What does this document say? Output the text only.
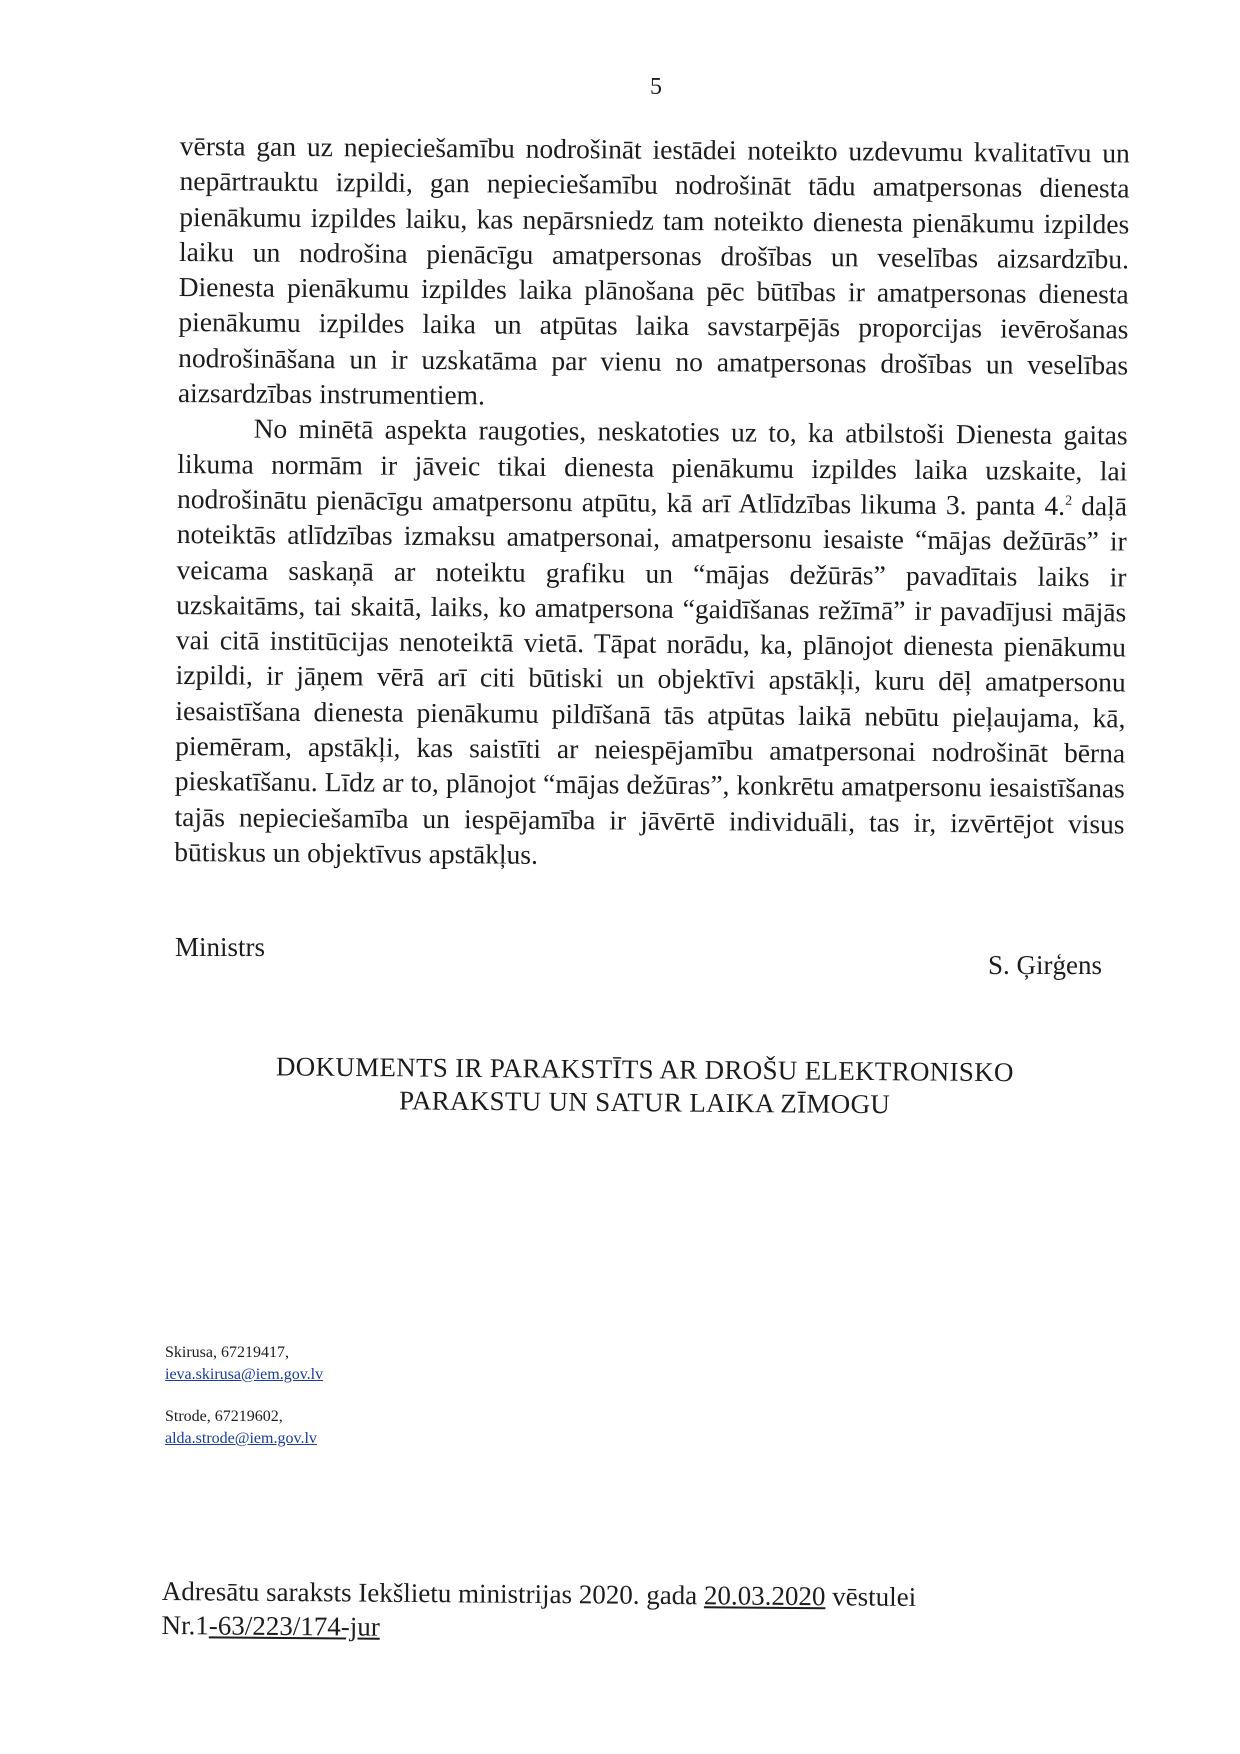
5

vērsta gan uz nepieciešamību nodrošināt iestādei noteikto uzdevumu kvalitatīvu un nepārtrauktu izpildi, gan nepieciešamību nodrošināt tādu amatpersonas dienesta pienākumu izpildes laiku, kas nepārsniedz tam noteikto dienesta pienākumu izpildes laiku un nodrošina pienācīgu amatpersonas drošības un veselības aizsardzību. Dienesta pienākumu izpildes laika plānošana pēc būtības ir amatpersonas dienesta pienākumu izpildes laika un atpūtas laika savstarpējās proporcijas ievērošanas nodrošināšana un ir uzskatāma par vienu no amatpersonas drošības un veselības aizsardzības instrumentiem.

No minētā aspekta raugoties, neskatoties uz to, ka atbilstoši Dienesta gaitas likuma normām ir jāveic tikai dienesta pienākumu izpildes laika uzskaite, lai nodrošinātu pienācīgu amatpersonu atpūtu, kā arī Atlīdzības likuma 3. panta 4.$^2$ daļā noteiktās atlīdzības izmaksu amatpersonai, amatpersonu iesaiste “mājas dežūrās” ir veicama saskaņā ar noteiktu grafiku un “mājas dežūrās” pavadītais laiks ir uzskaitāms, tai skaitā, laiks, ko amatpersona “gaidīšanas režīmā” ir pavadījusi mājās vai citā institūcijas nenoteiktā vietā. Tāpat norādu, ka, plānojot dienesta pienākumu izpildi, ir jāņem vērā arī citi būtiski un objektīvi apstākļi, kuru dēļ amatpersonu iesaistīšana dienesta pienākumu pildīšanā tās atpūtas laikā nebūtu pieļaujama, kā, piemēram, apstākļi, kas saistīti ar neiespējamību amatpersonai nodrošināt bērna pieskatīšanu. Līdz ar to, plānojot “mājas dežūras”, konkrētu amatpersonu iesaistīšanas tajās nepieciešamība un iespējamība ir jāvērtē individuāli, tas ir, izvērtējot visus būtiskus un objektīvus apstākļus.

Ministrs
S. Ģirģens
DOKUMENTS IR PARAKSTĪTS AR DROŠU ELEKTRONISKO
PARAKSTU UN SATUR LAIKA ZĪMOGU
Skirusa, 67219417,
ieva.skirusa@iem.gov.lv
Strode, 67219602,
alda.strode@iem.gov.lv
Adresātu saraksts Iekšlietu ministrijas 2020. gada 20.03.2020 vēstulei
Nr.1-63/223/174-jur
